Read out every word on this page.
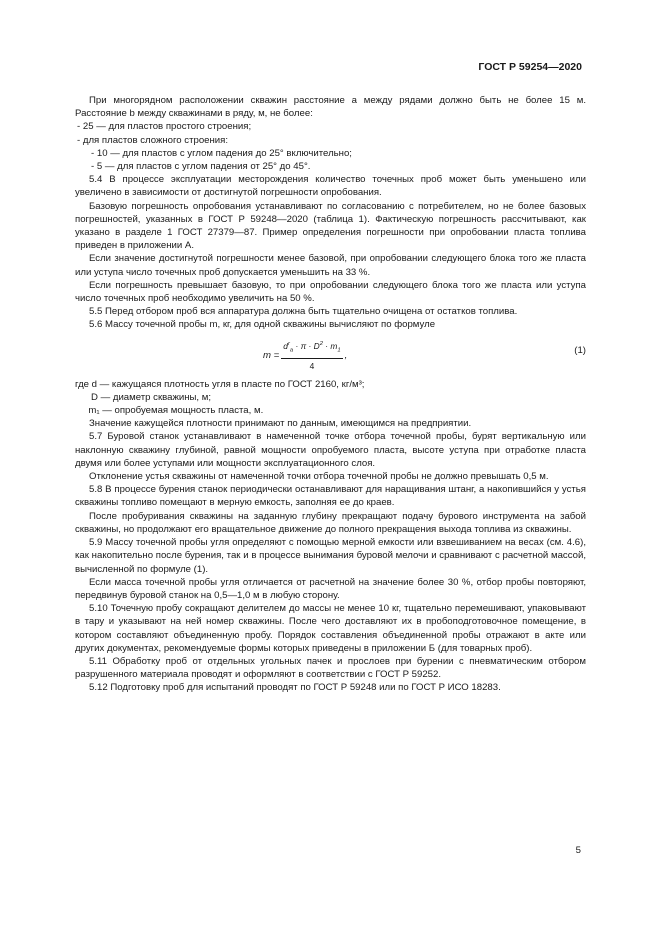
ГОСТ Р 59254—2020

При многорядном расположении скважин расстояние a между рядами должно быть не более 15 м. Расстояние b между скважинами в ряду, м, не более:

- 25 — для пластов простого строения;

- для пластов сложного строения:

- 10 — для пластов с углом падения до 25° включительно;

- 5 — для пластов с углом падения от 25° до 45°.

5.4 В процессе эксплуатации месторождения количество точечных проб может быть уменьшено или увеличено в зависимости от достигнутой погрешности опробования.

Базовую погрешность опробования устанавливают по согласованию с потребителем, но не более базовых погрешностей, указанных в ГОСТ Р 59248—2020 (таблица 1). Фактическую погрешность рассчитывают, как указано в разделе 1 ГОСТ 27379—87. Пример определения погрешности при опробовании пласта топлива приведен в приложении А.

Если значение достигнутой погрешности менее базовой, при опробовании следующего блока того же пласта или уступа число точечных проб допускается уменьшить на 33 %.

Если погрешность превышает базовую, то при опробовании следующего блока того же пласта или уступа число точечных проб необходимо увеличить на 50 %.

5.5 Перед отбором проб вся аппаратура должна быть тщательно очищена от остатков топлива.

5.6 Массу точечной пробы m, кг, для одной скважины вычисляют по формуле

$m = \frac{d^r_a \cdot \pi \cdot D^2 \cdot m_1}{4}$ ,	(1)
где d — кажущаяся плотность угля в пласте по ГОСТ 2160, кг/м³;
D — диаметр скважины, м;
m₁ — опробуемая мощность пласта, м.

Значение кажущейся плотности принимают по данным, имеющимся на предприятии.

5.7 Буровой станок устанавливают в намеченной точке отбора точечной пробы, бурят вертикальную или наклонную скважину глубиной, равной мощности опробуемого пласта, высоте уступа при отработке пласта двумя или более уступами или мощности эксплуатационного слоя.

Отклонение устья скважины от намеченной точки отбора точечной пробы не должно превышать 0,5 м.

5.8 В процессе бурения станок периодически останавливают для наращивания штанг, а накопившийся у устья скважины топливо помещают в мерную емкость, заполняя ее до краев.

После пробуривания скважины на заданную глубину прекращают подачу бурового инструмента на забой скважины, но продолжают его вращательное движение до полного прекращения выхода топлива из скважины.

5.9 Массу точечной пробы угля определяют с помощью мерной емкости или взвешиванием на весах (см. 4.6), как накопительно после бурения, так и в процессе вынимания буровой мелочи и сравнивают с расчетной массой, вычисленной по формуле (1).

Если масса точечной пробы угля отличается от расчетной на значение более 30 %, отбор пробы повторяют, передвинув буровой станок на 0,5—1,0 м в любую сторону.

5.10 Точечную пробу сокращают делителем до массы не менее 10 кг, тщательно перемешивают, упаковывают в тару и указывают на ней номер скважины. После чего доставляют их в пробоподготовочное помещение, в котором составляют объединенную пробу. Порядок составления объединенной пробы отражают в акте или других документах, рекомендуемые формы которых приведены в приложении Б (для товарных проб).

5.11 Обработку проб от отдельных угольных пачек и прослоев при бурении с пневматическим отбором разрушенного материала проводят и оформляют в соответствии с ГОСТ Р 59252.

5.12 Подготовку проб для испытаний проводят по ГОСТ Р 59248 или по ГОСТ Р ИСО 18283.

5
